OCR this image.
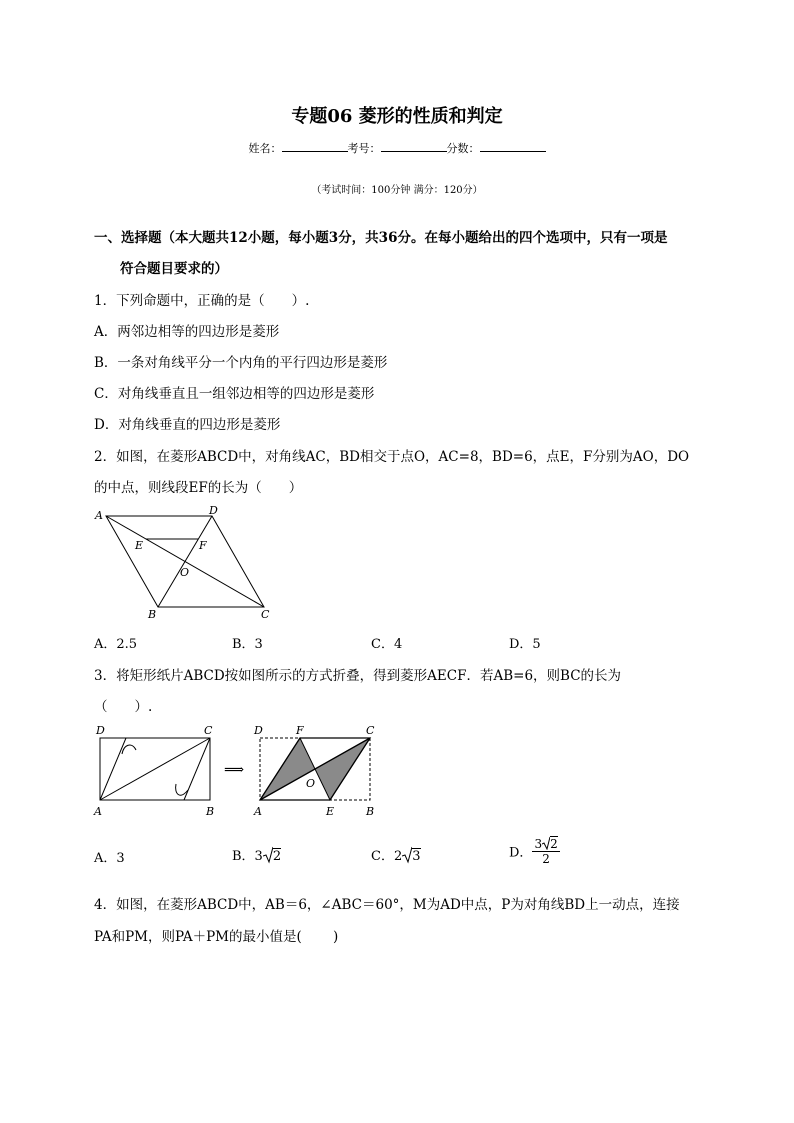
专题06 菱形的性质和判定
姓名：	考号：	分数：
（考试时间：100分钟 满分：120分）
一、选择题（本大题共12小题，每小题3分，共36分。在每小题给出的四个选项中，只有一项是
符合题目要求的）
1．下列命题中，正确的是（　　）.
A．两邻边相等的四边形是菱形
B．一条对角线平分一个内角的平行四边形是菱形
C．对角线垂直且一组邻边相等的四边形是菱形
D．对角线垂直的四边形是菱形
2．如图，在菱形ABCD中，对角线AC，BD相交于点O，AC=8，BD=6，点E，F分别为AO，DO
的中点，则线段EF的长为（　　）
A	D
E	F
O
B	C
A．2.5	B．3	C．4	D．5
3．将矩形纸片ABCD按如图所示的方式折叠，得到菱形AECF．若AB=6，则BC的长为
（　　）.
D	C
A	B
⟹
D	F	C
O
A	E	B
A．3	B．3 2	C．2 3	D． $\frac{3 2}{2}$
4．如图，在菱形ABCD中，AB＝6，∠ABC＝60°，M为AD中点，P为对角线BD上一动点，连接
PA和PM，则PA＋PM的最小值是(　　 )
